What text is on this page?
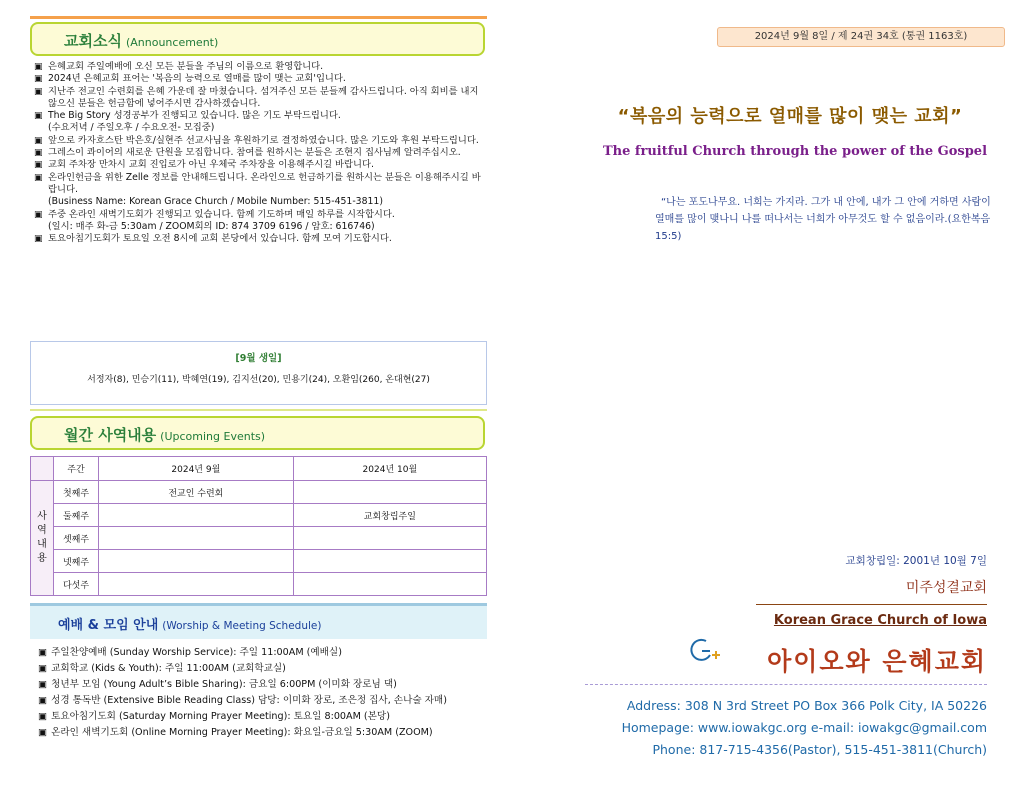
교회소식 (Announcement)
▣ 은혜교회 주일예배에 오신 모든 분들을 주님의 이름으로 환영합니다.
▣ 2024년 은혜교회 표어는 '복음의 능력으로 열매를 많이 맺는 교회'입니다.
▣ 지난주 전교인 수련회를 은혜 가운데 잘 마쳤습니다. 섬겨주신 모든 분들께 감사드립니다. 아직 회비를 내지 않으신 분들은 헌금함에 넣어주시면 감사하겠습니다.
▣ The Big Story 성경공부가 진행되고 있습니다. 많은 기도 부탁드립니다.
(수요저녁 / 주일오후 / 수요오전- 모집중)
▣ 앞으로 카자흐스탄 박은호/실현주 선교사님을 후원하기로 결정하였습니다. 많은 기도와 후원 부탁드립니다.
▣ 그레스이 콰이어의 새로운 단원을 모집합니다. 참여를 원하시는 분들은 조현지 집사님께 알려주십시오.
▣ 교회 주차장 만차시 교회 진입로가 아닌 우체국 주차장을 이용해주시길 바랍니다.
▣ 온라인헌금을 위한 Zelle 정보를 안내해드립니다. 온라인으로 헌금하기를 원하시는 분들은 이용해주시길 바랍니다.
(Business Name: Korean Grace Church / Mobile Number: 515-451-3811)
▣ 주중 온라인 새벽기도회가 진행되고 있습니다. 함께 기도하며 매일 하루를 시작합시다.
(일시: 매주 화-금 5:30am / ZOOM회의 ID: 874 3709 6196 / 암호: 616746)
▣ 토요아침기도회가 토요일 오전 8시에 교회 본당에서 있습니다. 함께 모여 기도합시다.
[9월 생일]
서정자(8), 민승기(11), 박혜연(19), 김지선(20), 민용기(24), 오환임(260, 온대현(27)
월간 사역내용 (Upcoming Events)
	주간	2024년 9월	2024년 10월

사
역
내
용	첫째주	전교인 수련회	
	둘째주		교회창립주일
	셋째주		
	넷째주		
	다섯주		
예배 & 모임 안내 (Worship & Meeting Schedule)
▣ 주일찬양예배 (Sunday Worship Service): 주일 11:00AM (예배실)
▣ 교회학교 (Kids & Youth): 주일 11:00AM (교회학교실)
▣ 청년부 모임 (Young Adult’s Bible Sharing): 금요일 6:00PM (이미화 장로님 댁)
▣ 성경 통독반 (Extensive Bible Reading Class) 담당: 이미화 장로, 조은정 집사, 손나술 자매)
▣ 토요아침기도회 (Saturday Morning Prayer Meeting): 토요일 8:00AM (본당)
▣ 온라인 새벽기도회 (Online Morning Prayer Meeting): 화요일-금요일 5:30AM (ZOOM)
2024년 9월 8일 / 제 24권 34호 (통권 1163호)
“복음의 능력으로 열매를 많이 맺는 교회”
The fruitful Church through the power of the Gospel
“나는 포도나무요. 너희는 가지라. 그가 내 안에, 내가 그 안에 거하면 사람이 열매를 많이 맺나니 나를 떠나서는 너희가 아무것도 할 수 없음이라.(요한복음 15:5)
교회창립일: 2001년 10월 7일
미주성결교회
Korean Grace Church of Iowa
아이오와 은혜교회
Address: 308 N 3rd Street PO Box 366 Polk City, IA 50226
Homepage: www.iowakgc.org e-mail: iowakgc@gmail.com
Phone: 817-715-4356(Pastor), 515-451-3811(Church)
